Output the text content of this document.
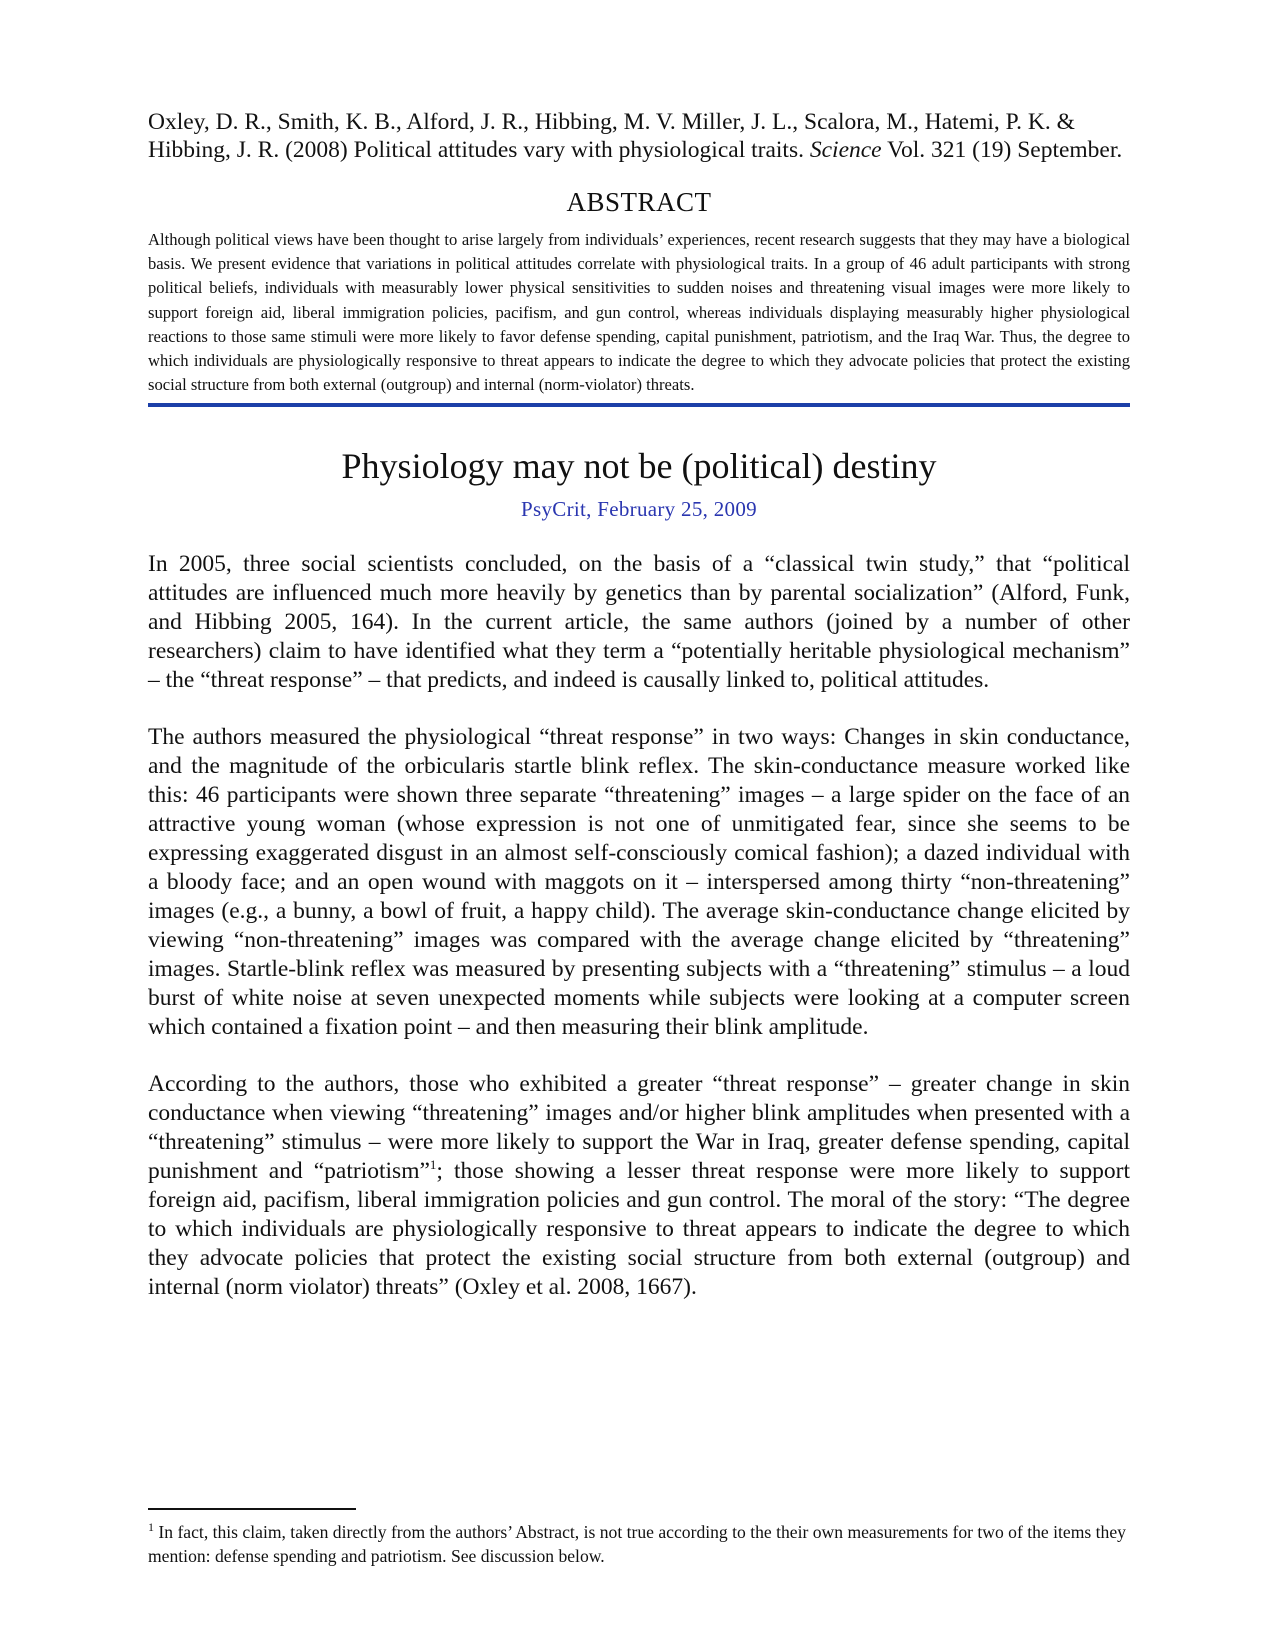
Oxley, D. R., Smith, K. B., Alford, J. R., Hibbing, M. V. Miller, J. L., Scalora, M., Hatemi, P. K. & Hibbing, J. R. (2008) Political attitudes vary with physiological traits. Science Vol. 321 (19) September.

ABSTRACT

Although political views have been thought to arise largely from individuals’ experiences, recent research suggests that they may have a biological basis. We present evidence that variations in political attitudes correlate with physiological traits. In a group of 46 adult participants with strong political beliefs, individuals with measurably lower physical sensitivities to sudden noises and threatening visual images were more likely to support foreign aid, liberal immigration policies, pacifism, and gun control, whereas individuals displaying measurably higher physiological reactions to those same stimuli were more likely to favor defense spending, capital punishment, patriotism, and the Iraq War. Thus, the degree to which individuals are physiologically responsive to threat appears to indicate the degree to which they advocate policies that protect the existing social structure from both external (outgroup) and internal (norm-violator) threats.

Physiology may not be (political) destiny
PsyCrit, February 25, 2009

In 2005, three social scientists concluded, on the basis of a “classical twin study,” that “political attitudes are influenced much more heavily by genetics than by parental socialization” (Alford, Funk, and Hibbing 2005, 164). In the current article, the same authors (joined by a number of other researchers) claim to have identified what they term a “potentially heritable physiological mechanism” – the “threat response” – that predicts, and indeed is causally linked to, political attitudes.

The authors measured the physiological “threat response” in two ways: Changes in skin conductance, and the magnitude of the orbicularis startle blink reflex. The skin-conductance measure worked like this: 46 participants were shown three separate “threatening” images – a large spider on the face of an attractive young woman (whose expression is not one of unmitigated fear, since she seems to be expressing exaggerated disgust in an almost self-consciously comical fashion); a dazed individual with a bloody face; and an open wound with maggots on it – interspersed among thirty “non-threatening” images (e.g., a bunny, a bowl of fruit, a happy child). The average skin-conductance change elicited by viewing “non-threatening” images was compared with the average change elicited by “threatening” images. Startle-blink reflex was measured by presenting subjects with a “threatening” stimulus – a loud burst of white noise at seven unexpected moments while subjects were looking at a computer screen which contained a fixation point – and then measuring their blink amplitude.

According to the authors, those who exhibited a greater “threat response” – greater change in skin conductance when viewing “threatening” images and/or higher blink amplitudes when presented with a “threatening” stimulus – were more likely to support the War in Iraq, greater defense spending, capital punishment and “patriotism”$^1$; those showing a lesser threat response were more likely to support foreign aid, pacifism, liberal immigration policies and gun control. The moral of the story: “The degree to which individuals are physiologically responsive to threat appears to indicate the degree to which they advocate policies that protect the existing social structure from both external (outgroup) and internal (norm violator) threats” (Oxley et al. 2008, 1667).

$^1$ In fact, this claim, taken directly from the authors’ Abstract, is not true according to the their own measurements for two of the items they mention: defense spending and patriotism. See discussion below.
